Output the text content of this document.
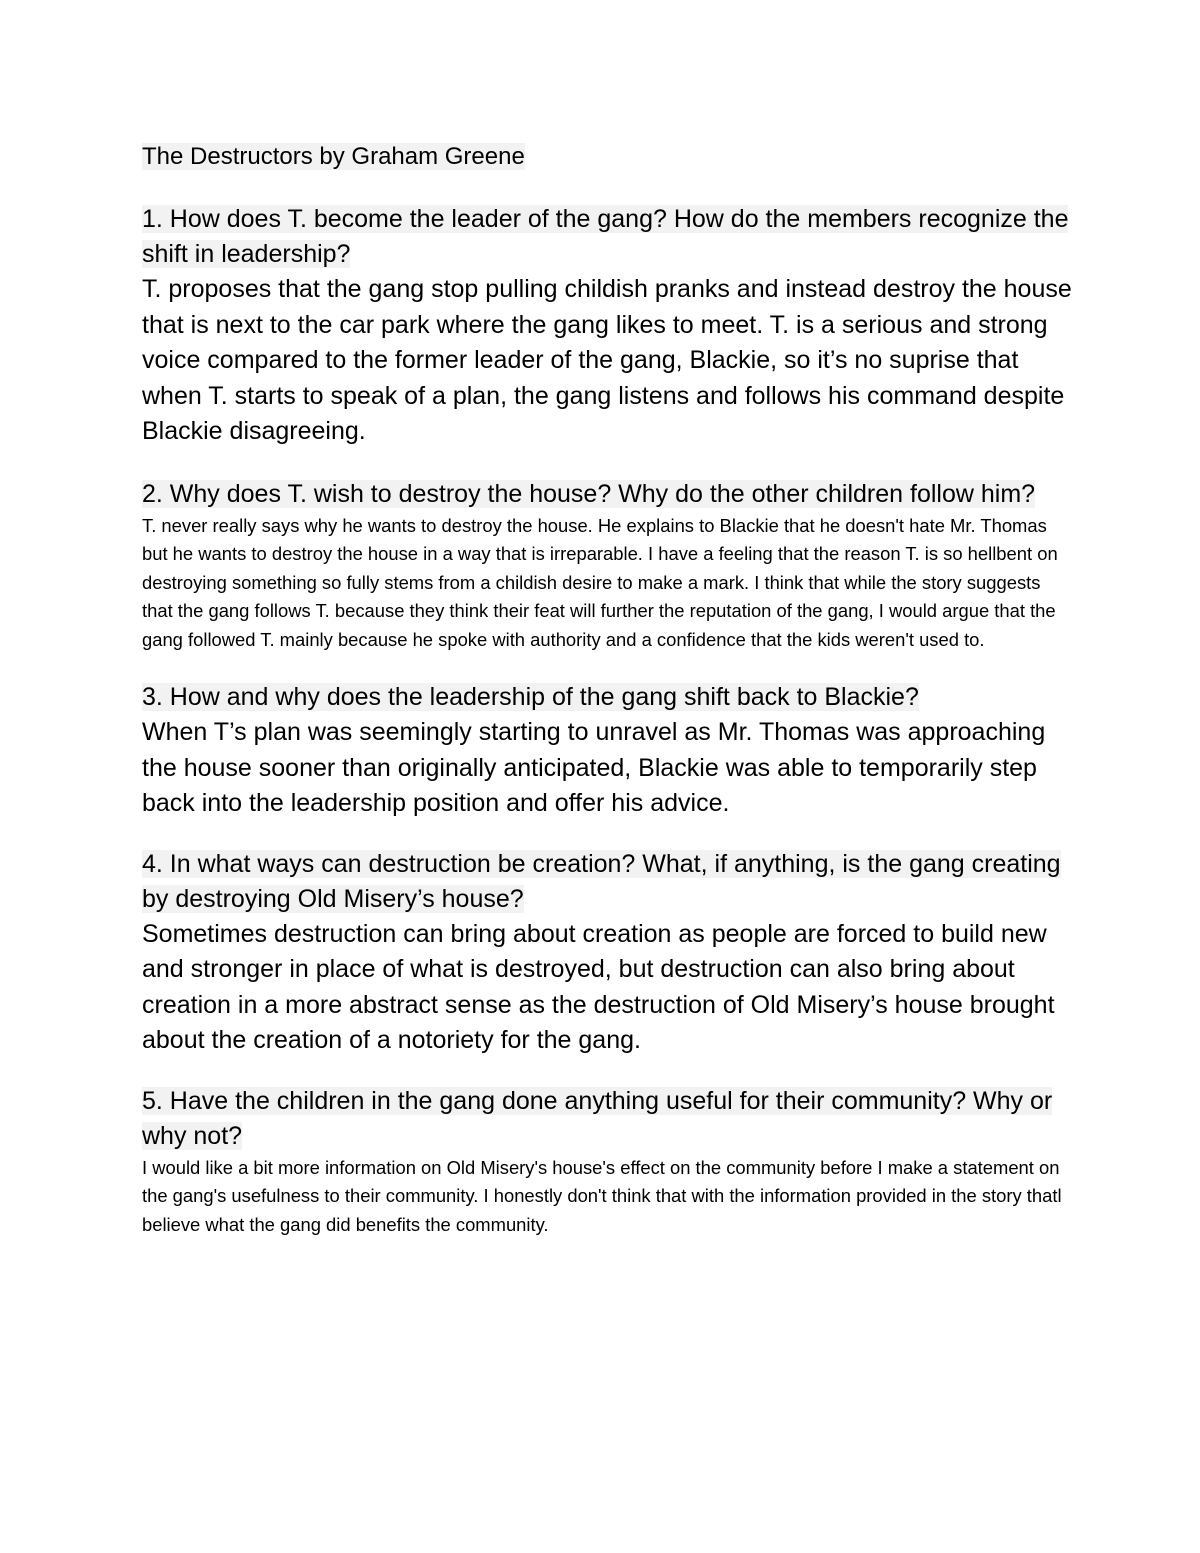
The Destructors by Graham Greene

1. How does T. become the leader of the gang? How do the members recognize the shift in leadership?

T. proposes that the gang stop pulling childish pranks and instead destroy the house that is next to the car park where the gang likes to meet. T. is a serious and strong voice compared to the former leader of the gang, Blackie, so it’s no suprise that when T. starts to speak of a plan, the gang listens and follows his command despite Blackie disagreeing.

2. Why does T. wish to destroy the house? Why do the other children follow him?

T. never really says why he wants to destroy the house. He explains to Blackie that he doesn't hate Mr. Thomas but he wants to destroy the house in a way that is irreparable. I have a feeling that the reason T. is so hellbent on destroying something so fully stems from a childish desire to make a mark. I think that while the story suggests that the gang follows T. because they think their feat will further the reputation of the gang, I would argue that the gang followed T. mainly because he spoke with authority and a confidence that the kids weren't used to.

3. How and why does the leadership of the gang shift back to Blackie?

When T’s plan was seemingly starting to unravel as Mr. Thomas was approaching the house sooner than originally anticipated, Blackie was able to temporarily step back into the leadership position and offer his advice.

4. In what ways can destruction be creation? What, if anything, is the gang creating by destroying Old Misery’s house?

Sometimes destruction can bring about creation as people are forced to build new and stronger in place of what is destroyed, but destruction can also bring about creation in a more abstract sense as the destruction of Old Misery’s house brought about the creation of a notoriety for the gang.

5. Have the children in the gang done anything useful for their community? Why or why not?

I would like a bit more information on Old Misery's house's effect on the community before I make a statement on the gang's usefulness to their community. I honestly don't think that with the information provided in the story thatl believe what the gang did benefits the community.
